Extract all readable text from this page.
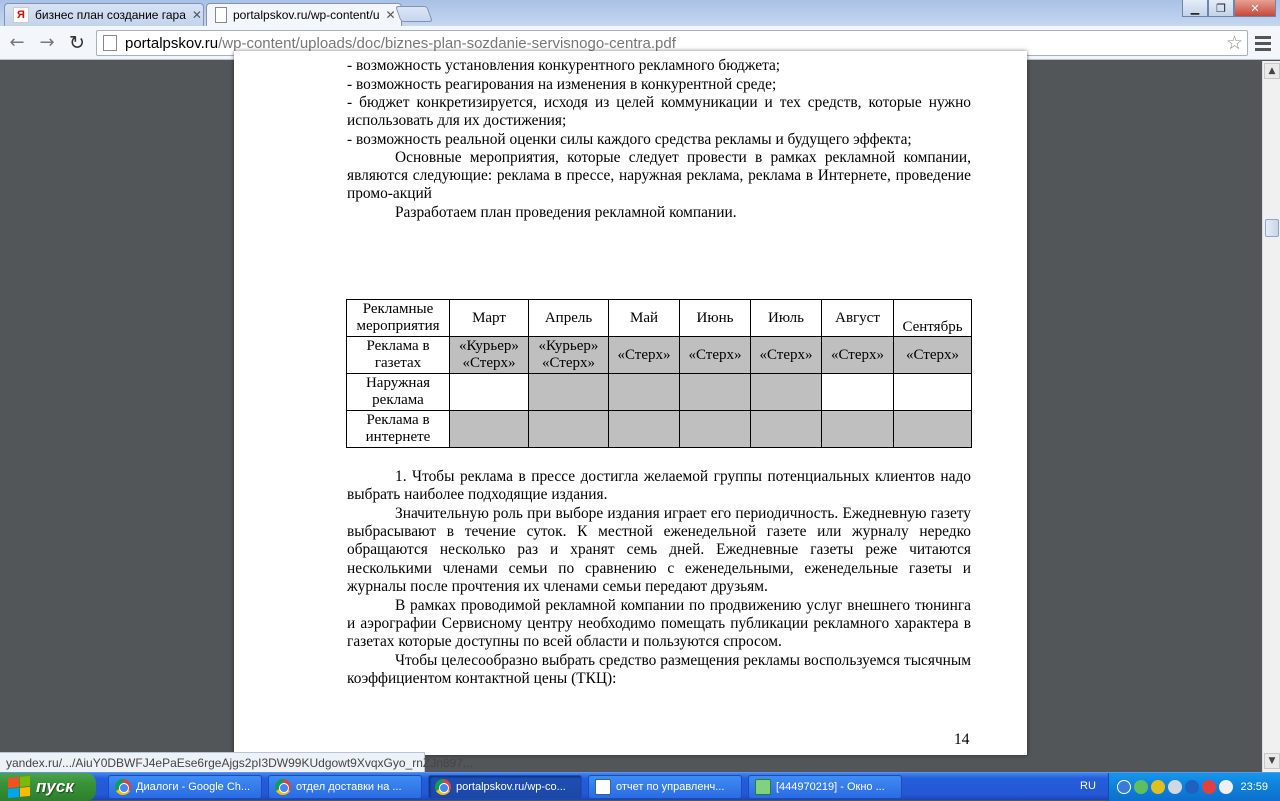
Я бизнес план создание гара ✕	portalpskov.ru/wp-content/u ✕	▁	❐	✕
← → ↻	portalpskov.ru /wp-content/uploads/doc/biznes-plan-sozdanie-servisnogo-centra.pdf	☆
- возможность установления конкурентного рекламного бюджета;
- возможность реагирования на изменения в конкурентной среде;
- бюджет конкретизируется, исходя из целей коммуникации и тех средств, которые нужно использовать для их достижения;
- возможность реальной оценки силы каждого средства рекламы и будущего эффекта;
Основные мероприятия, которые следует провести в рамках рекламной компании, являются следующие: реклама в прессе, наружная реклама, реклама в Интернете, проведение промо-акций
Разработаем план проведения рекламной компании.
Рекламные мероприятия	Март	Апрель	Май	Июнь	Июль	Август	Сентябрь
Реклама в газетах	«Курьер» «Стерх»	«Курьер» «Стерх»	«Стерх»	«Стерх»	«Стерх»	«Стерх»	«Стерх»
Наружная реклама							
Реклама в интернете							
1. Чтобы реклама в прессе достигла желаемой группы потенциальных клиентов надо выбрать наиболее подходящие издания.
Значительную роль при выборе издания играет его периодичность. Ежедневную газету выбрасывают в течение суток. К местной еженедельной газете или журналу нередко обращаются несколько раз и хранят семь дней. Ежедневные газеты реже читаются несколькими членами семьи по сравнению с еженедельными, еженедельные газеты и журналы после прочтения их членами семьи передают друзьям.
В рамках проводимой рекламной компании по продвижению услуг внешнего тюнинга и аэрографии Сервисному центру необходимо помещать публикации рекламного характера в газетах которые доступны по всей области и пользуются спросом.
Чтобы целесообразно выбрать средство размещения рекламы воспользуемся тысячным коэффициентом контактной цены (ТКЦ):
14
▲
▼
yandex.ru/.../AiuY0DBWFJ4ePaEse6rgeAjgs2pI3DW99KUdgowt9XvqxGyo_rnZJn897...
пуск	Диалоги - Google Ch...	отдел доставки на ...	portalpskov.ru/wp-co...	отчет по управленч...	[444970219] - Окно ...	RU	23:59
